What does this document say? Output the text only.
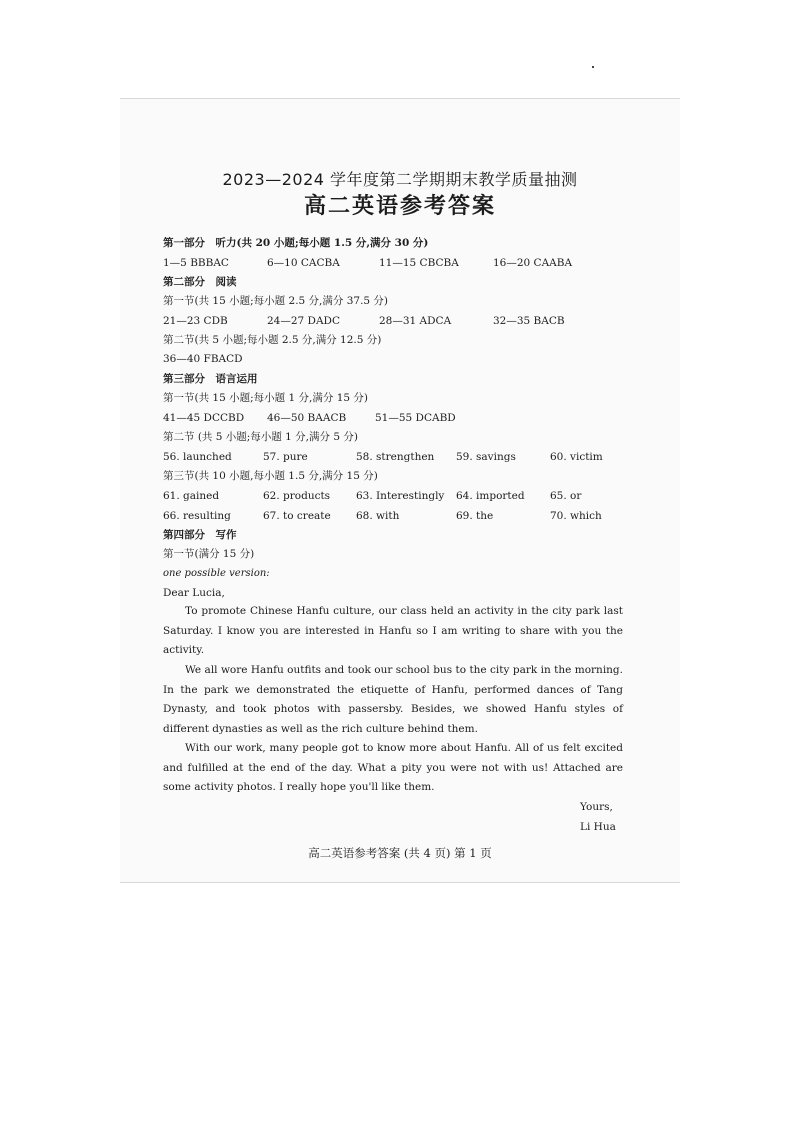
2023—2024 学年度第二学期期末教学质量抽测
高二英语参考答案
第一部分　听力(共 20 小题;每小题 1.5 分,满分 30 分)
1—5 BBBAC	6—10 CACBA	11—15 CBCBA	16—20 CAABA
第二部分　阅读
第一节(共 15 小题;每小题 2.5 分,满分 37.5 分)
21—23 CDB	24—27 DADC	28—31 ADCA	32—35 BACB
第二节(共 5 小题;每小题 2.5 分,满分 12.5 分)
36—40 FBACD
第三部分　语言运用
第一节(共 15 小题;每小题 1 分,满分 15 分)
41—45 DCCBD 46—50 BAACB	51—55 DCABD
第二节 (共 5 小题;每小题 1 分,满分 5 分)
56. launched	57. pure	58. strengthen 59. savings	60. victim
第三节(共 10 小题,每小题 1.5 分,满分 15 分)
61. gained	62. products 63. Interestingly 64. imported 65. or
66. resulting	67. to create 68. with	69. the	70. which
第四部分　写作
第一节(满分 15 分)
one possible version:
Dear Lucia,
To promote Chinese Hanfu culture, our class held an activity in the city park last Saturday. I know you are interested in Hanfu so I am writing to share with you the activity.
We all wore Hanfu outfits and took our school bus to the city park in the morning. In the park we demonstrated the etiquette of Hanfu, performed dances of Tang Dynasty, and took photos with passersby. Besides, we showed Hanfu styles of different dynasties as well as the rich culture behind them.
With our work, many people got to know more about Hanfu. All of us felt excited and fulfilled at the end of the day. What a pity you were not with us! Attached are some activity photos. I really hope you'll like them.
Yours,
Li Hua
高二英语参考答案 (共 4 页) 第 1 页
